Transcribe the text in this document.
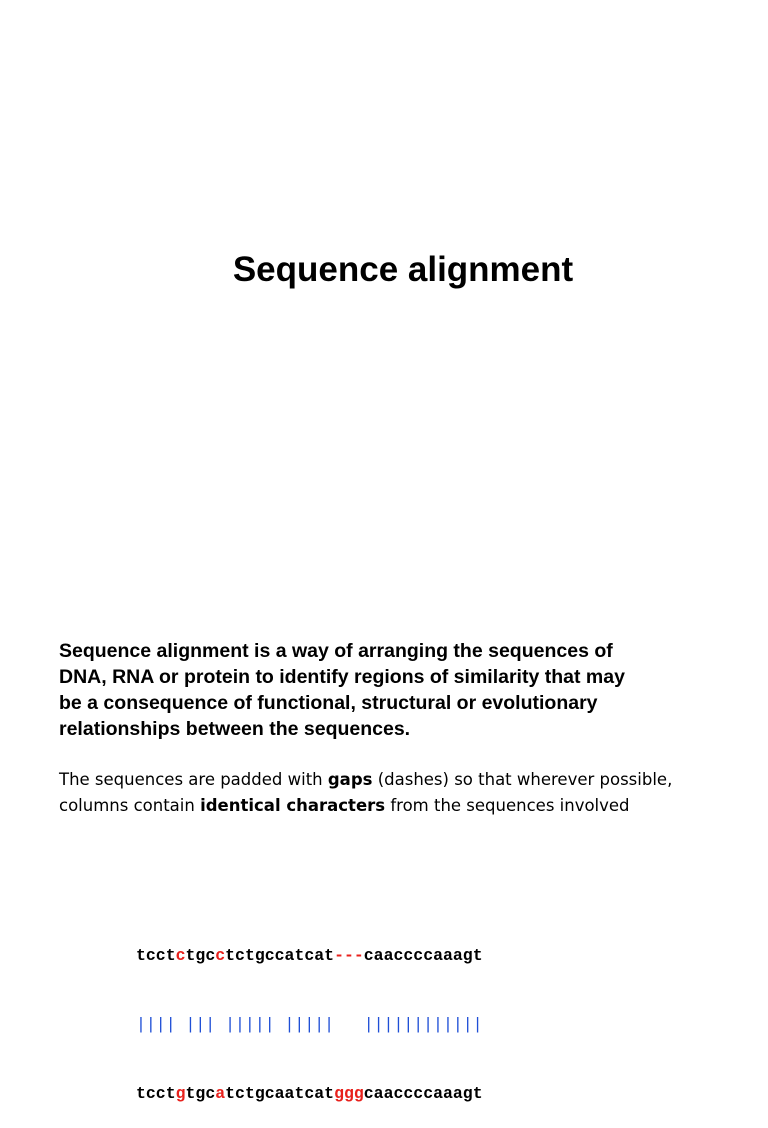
Sequence alignment

Sequence alignment is a way of arranging the sequences of
DNA, RNA or protein to identify regions of similarity that may
be a consequence of functional, structural or evolutionary
relationships between the sequences.

The sequences are padded with gaps (dashes) so that wherever possible,
columns contain identical characters from the sequences involved

tcctctgcctctgccatcat---caaccccaaagt

|||| ||| ||||| |||||   ||||||||||||

tcctgtgcatctgcaatcatgggcaaccccaaagt
